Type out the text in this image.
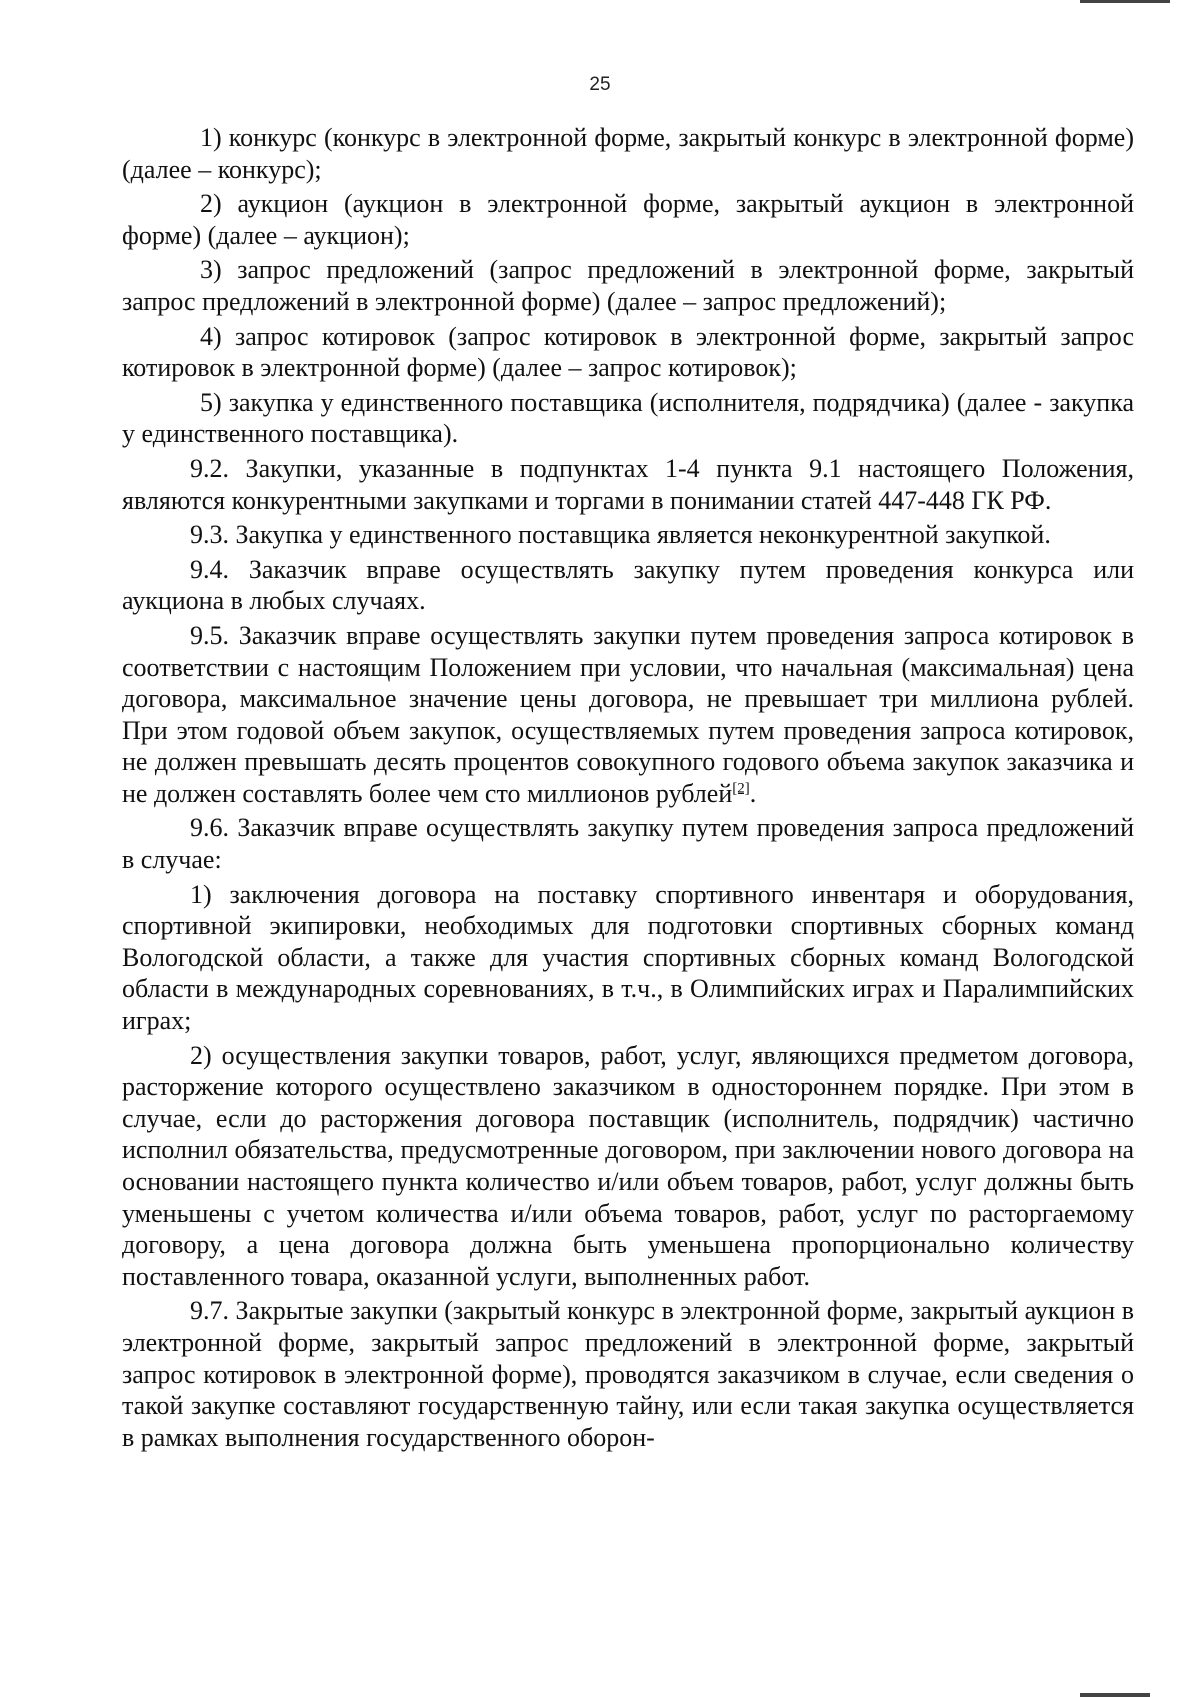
25

1) конкурс (конкурс в электронной форме, закрытый конкурс в электронной форме) (далее – конкурс);

2) аукцион (аукцион в электронной форме, закрытый аукцион в электронной форме) (далее – аукцион);

3) запрос предложений (запрос предложений в электронной форме, закрытый запрос предложений в электронной форме) (далее – запрос предложений);

4) запрос котировок (запрос котировок в электронной форме, закрытый запрос котировок в электронной форме) (далее – запрос котировок);

5) закупка у единственного поставщика (исполнителя, подрядчика) (далее - закупка у единственного поставщика).

9.2. Закупки, указанные в подпунктах 1-4 пункта 9.1 настоящего Положения, являются конкурентными закупками и торгами в понимании статей 447-448 ГК РФ.

9.3. Закупка у единственного поставщика является неконкурентной закупкой.

9.4. Заказчик вправе осуществлять закупку путем проведения конкурса или аукциона в любых случаях.

9.5. Заказчик вправе осуществлять закупки путем проведения запроса котировок в соответствии с настоящим Положением при условии, что начальная (максимальная) цена договора, максимальное значение цены договора, не превышает три миллиона рублей. При этом годовой объем закупок, осуществляемых путем проведения запроса котировок, не должен превышать десять процентов совокупного годового объема закупок заказчика и не должен составлять более чем сто миллионов рублей[2].

9.6. Заказчик вправе осуществлять закупку путем проведения запроса предложений в случае:

1) заключения договора на поставку спортивного инвентаря и оборудования, спортивной экипировки, необходимых для подготовки спортивных сборных команд Вологодской области, а также для участия спортивных сборных команд Вологодской области в международных соревнованиях, в т.ч., в Олимпийских играх и Паралимпийских играх;

2) осуществления закупки товаров, работ, услуг, являющихся предметом договора, расторжение которого осуществлено заказчиком в одностороннем порядке. При этом в случае, если до расторжения договора поставщик (исполнитель, подрядчик) частично исполнил обязательства, предусмотренные договором, при заключении нового договора на основании настоящего пункта количество и/или объем товаров, работ, услуг должны быть уменьшены с учетом количества и/или объема товаров, работ, услуг по расторгаемому договору, а цена договора должна быть уменьшена пропорционально количеству поставленного товара, оказанной услуги, выполненных работ.

9.7. Закрытые закупки (закрытый конкурс в электронной форме, закрытый аукцион в электронной форме, закрытый запрос предложений в электронной форме, закрытый запрос котировок в электронной форме), проводятся заказчиком в случае, если сведения о такой закупке составляют государственную тайну, или если такая закупка осуществляется в рамках выполнения государственного оборон-
